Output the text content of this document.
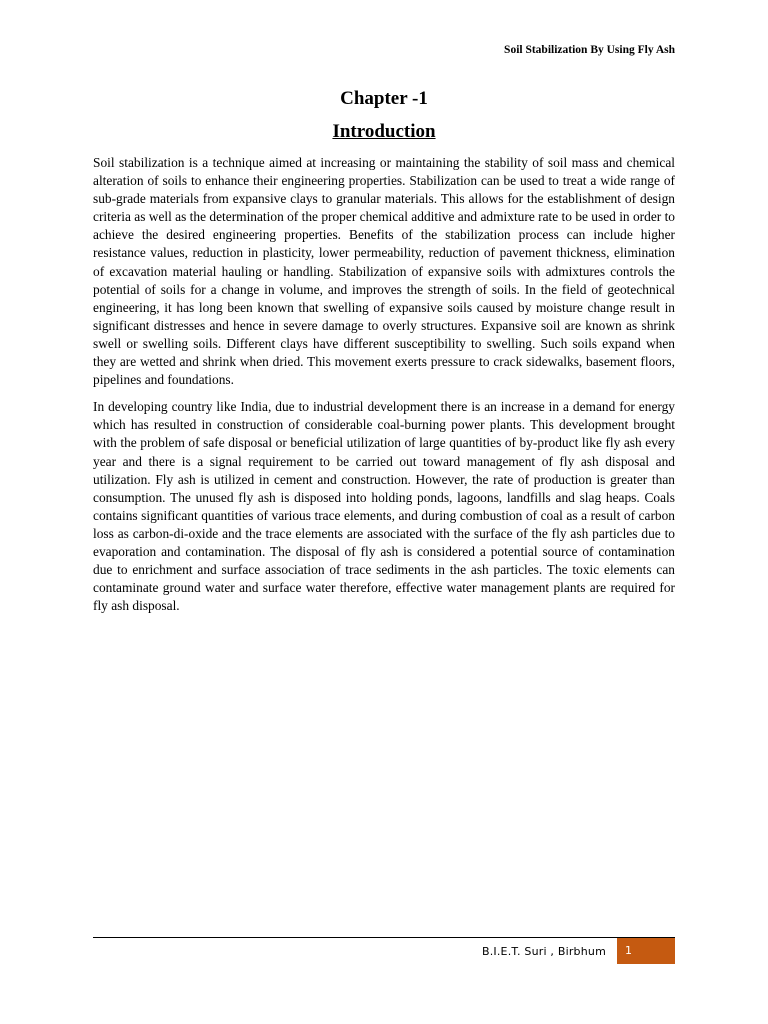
Soil Stabilization By Using Fly Ash
Chapter -1
Introduction

Soil stabilization is a technique aimed at increasing or maintaining the stability of soil mass and chemical alteration of soils to enhance their engineering properties. Stabilization can be used to treat a wide range of sub-grade materials from expansive clays to granular materials. This allows for the establishment of design criteria as well as the determination of the proper chemical additive and admixture rate to be used in order to achieve the desired engineering properties. Benefits of the stabilization process can include higher resistance values, reduction in plasticity, lower permeability, reduction of pavement thickness, elimination of excavation material hauling or handling. Stabilization of expansive soils with admixtures controls the potential of soils for a change in volume, and improves the strength of soils. In the field of geotechnical engineering, it has long been known that swelling of expansive soils caused by moisture change result in significant distresses and hence in severe damage to overly structures. Expansive soil are known as shrink swell or swelling soils. Different clays have different susceptibility to swelling. Such soils expand when they are wetted and shrink when dried. This movement exerts pressure to crack sidewalks, basement floors, pipelines and foundations.

In developing country like India, due to industrial development there is an increase in a demand for energy which has resulted in construction of considerable coal-burning power plants. This development brought with the problem of safe disposal or beneficial utilization of large quantities of by-product like fly ash every year and there is a signal requirement to be carried out toward management of fly ash disposal and utilization. Fly ash is utilized in cement and construction. However, the rate of production is greater than consumption. The unused fly ash is disposed into holding ponds, lagoons, landfills and slag heaps. Coals contains significant quantities of various trace elements, and during combustion of coal as a result of carbon loss as carbon-di-oxide and the trace elements are associated with the surface of the fly ash particles due to evaporation and contamination. The disposal of fly ash is considered a potential source of contamination due to enrichment and surface association of trace sediments in the ash particles. The toxic elements can contaminate ground water and surface water therefore, effective water management plants are required for fly ash disposal.

B.I.E.T. Suri , Birbhum	1
